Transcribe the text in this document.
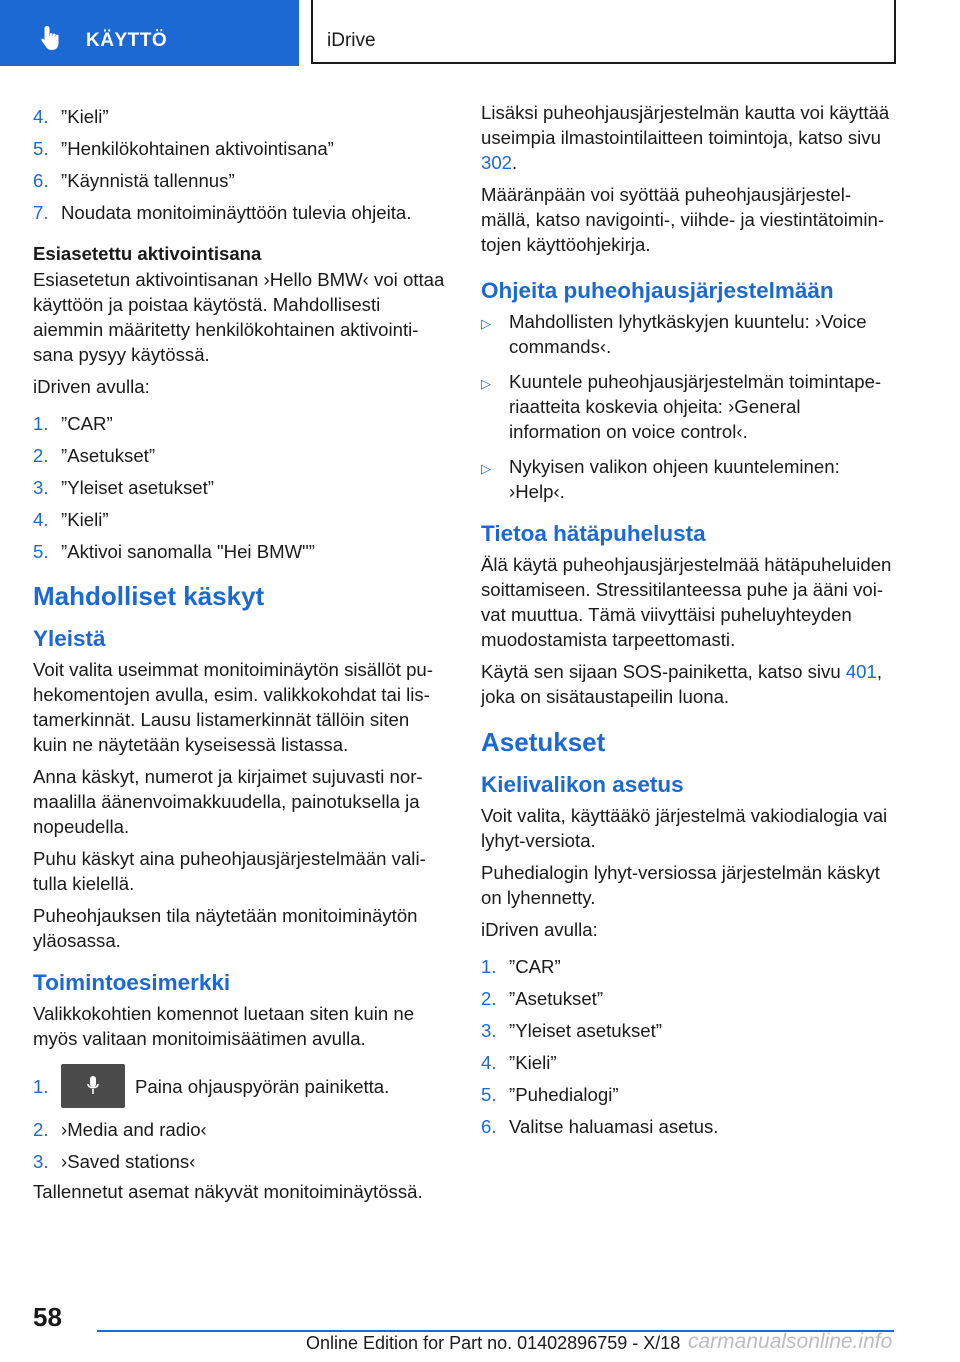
KÄYTTÖ	iDrive
4. ”Kieli”
5. ”Henkilökohtainen aktivointisana”
6. ”Käynnistä tallennus”
7. Noudata monitoiminäyttöön tulevia ohjeita.
Esiasetettu aktivointisana

Esiasetetun aktivointisanan ›Hello BMW‹ voi ottaa käyttöön ja poistaa käytöstä. Mahdollisesti aiemmin määritetty henkilökohtainen aktivointisana pysyy käytössä.

iDriven avulla:

1. ”CAR”
2. ”Asetukset”
3. ”Yleiset asetukset”
4. ”Kieli”
5. ”Aktivoi sanomalla "Hei BMW"”
Mahdolliset käskyt
Yleistä

Voit valita useimmat monitoiminäytön sisällöt puhekomentojen avulla, esim. valikkokohdat tai listamerkinnät. Lausu listamerkinnät tällöin siten kuin ne näytetään kyseisessä listassa.

Anna käskyt, numerot ja kirjaimet sujuvasti normaalilla äänenvoimakkuudella, painotuksella ja nopeudella.

Puhu käskyt aina puheohjausjärjestelmään valitulla kielellä.

Puheohjauksen tila näytetään monitoiminäytön yläosassa.

Toimintoesimerkki

Valikkokohtien komennot luetaan siten kuin ne myös valitaan monitoimisäätimen avulla.

1.	Paina ohjauspyörän painiketta.
2. ›Media and radio‹
3. ›Saved stations‹

Tallennetut asemat näkyvät monitoiminäytössä.

Lisäksi puheohjausjärjestelmän kautta voi käyttää useimpia ilmastointilaitteen toimintoja, katso sivu 302.

Määränpään voi syöttää puheohjausjärjestelmällä, katso navigointi-, viihde- ja viestintätoimintojen käyttöohjekirja.

Ohjeita puheohjausjärjestelmään
▷ Mahdollisten lyhytkäskyjen kuuntelu: ›Voice commands‹.
▷ Kuuntele puheohjausjärjestelmän toimintaperiaatteita koskevia ohjeita: ›General information on voice control‹.
▷ Nykyisen valikon ohjeen kuunteleminen: ›Help‹.
Tietoa hätäpuhelusta

Älä käytä puheohjausjärjestelmää hätäpuheluiden soittamiseen. Stressitilanteessa puhe ja ääni voivat muuttua. Tämä viivyttäisi puheluyhteyden muodostamista tarpeettomasti.

Käytä sen sijaan SOS-painiketta, katso sivu 401, joka on sisätaustapeilin luona.

Asetukset
Kielivalikon asetus

Voit valita, käyttääkö järjestelmä vakiodialogia vai lyhyt-versiota.

Puhedialogin lyhyt-versiossa järjestelmän käskyt on lyhennetty.

iDriven avulla:

1. ”CAR”
2. ”Asetukset”
3. ”Yleiset asetukset”
4. ”Kieli”
5. ”Puhedialogi”
6. Valitse haluamasi asetus.
58
Online Edition for Part no. 01402896759 - X/18 carmanualsonline.info
